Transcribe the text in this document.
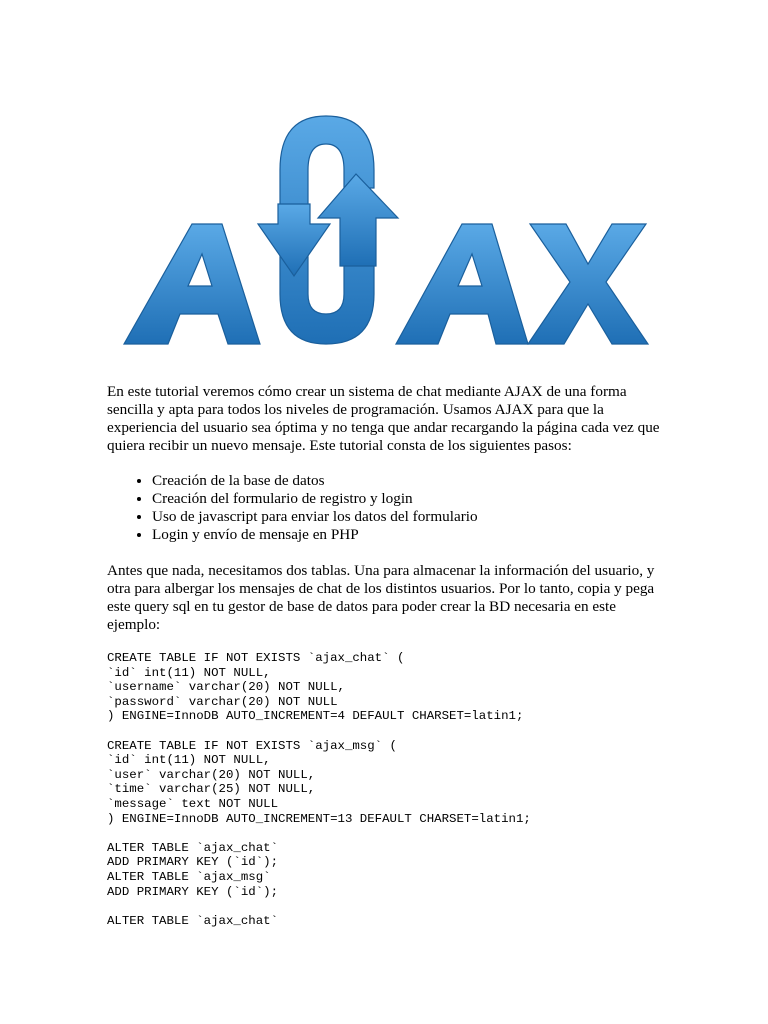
En este tutorial veremos cómo crear un sistema de chat mediante AJAX de una forma sencilla y apta para todos los niveles de programación. Usamos AJAX para que la experiencia del usuario sea óptima y no tenga que andar recargando la página cada vez que quiera recibir un nuevo mensaje. Este tutorial consta de los siguientes pasos:

• Creación de la base de datos
• Creación del formulario de registro y login
• Uso de javascript para enviar los datos del formulario
• Login y envío de mensaje en PHP

Antes que nada, necesitamos dos tablas. Una para almacenar la información del usuario, y otra para albergar los mensajes de chat de los distintos usuarios. Por lo tanto, copia y pega este query sql en tu gestor de base de datos para poder crear la BD necesaria en este ejemplo:

CREATE TABLE IF NOT EXISTS `ajax_chat` (
`id` int(11) NOT NULL,
`username` varchar(20) NOT NULL,
`password` varchar(20) NOT NULL
) ENGINE=InnoDB AUTO_INCREMENT=4 DEFAULT CHARSET=latin1;
CREATE TABLE IF NOT EXISTS `ajax_msg` (
`id` int(11) NOT NULL,
`user` varchar(20) NOT NULL,
`time` varchar(25) NOT NULL,
`message` text NOT NULL
) ENGINE=InnoDB AUTO_INCREMENT=13 DEFAULT CHARSET=latin1;
ALTER TABLE `ajax_chat`
ADD PRIMARY KEY (`id`);
ALTER TABLE `ajax_msg`
ADD PRIMARY KEY (`id`);
ALTER TABLE `ajax_chat`
